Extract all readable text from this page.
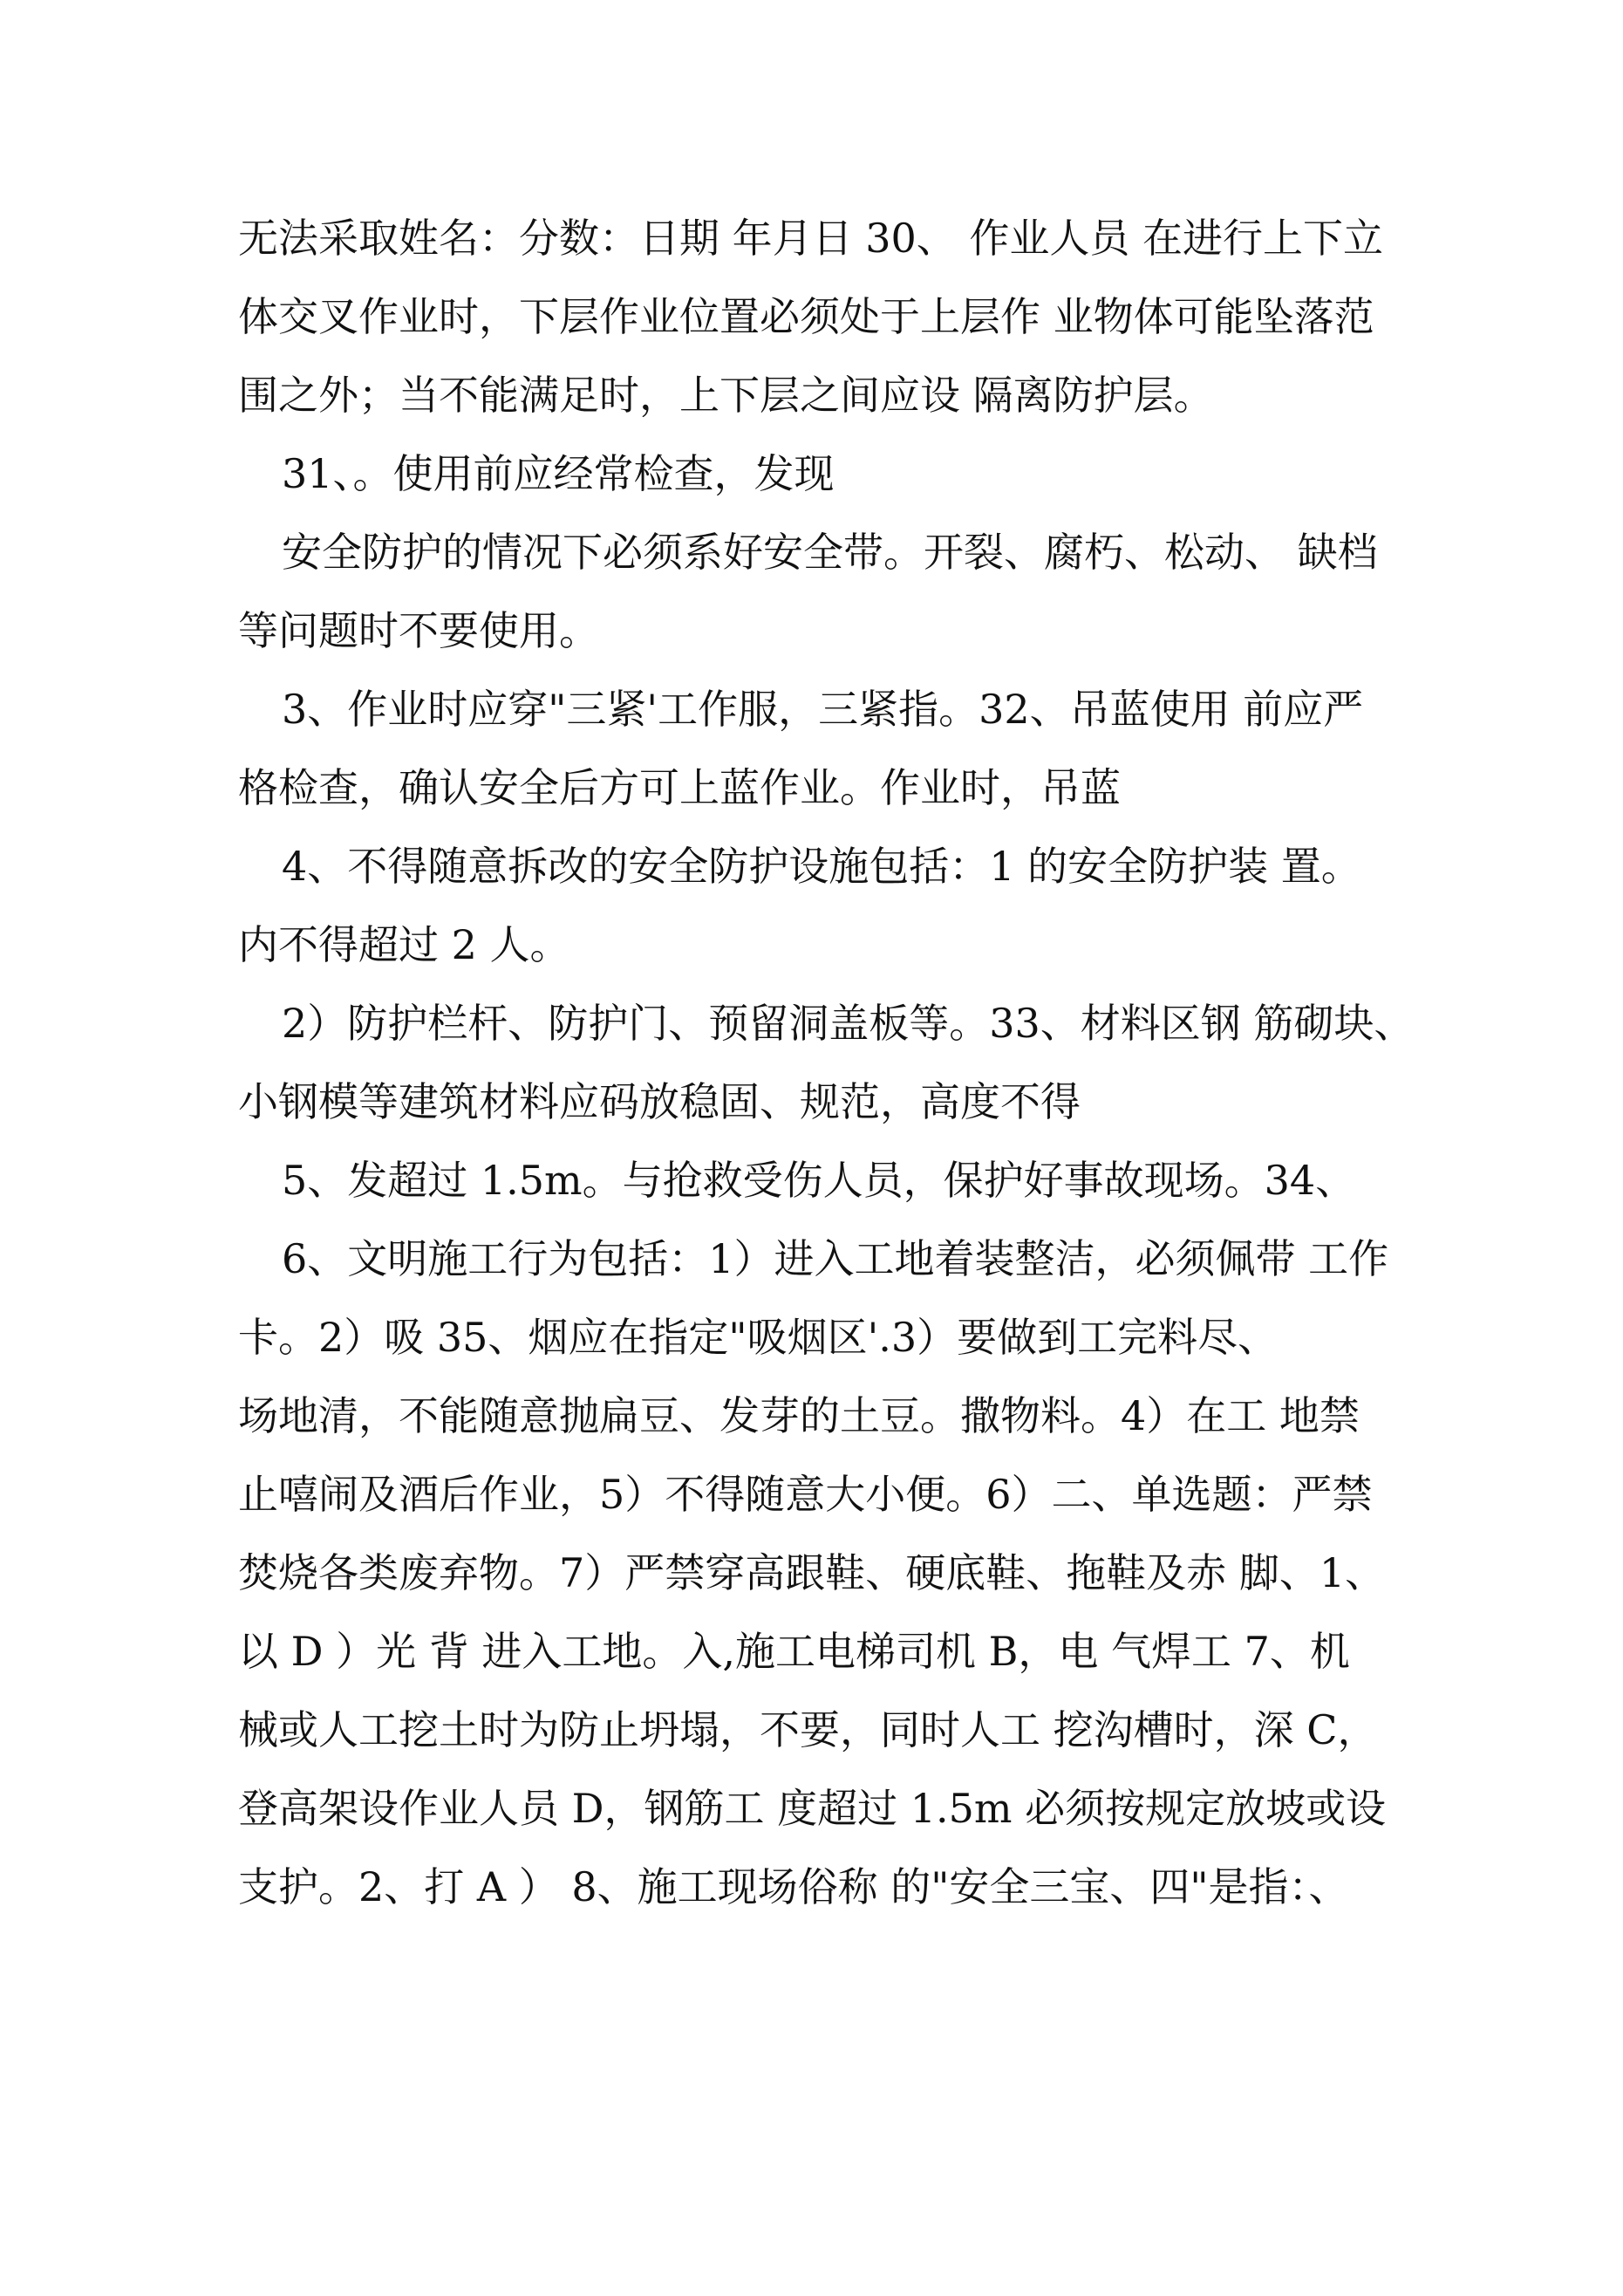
无法采取姓名：分数：日期 年月日 30、 作业人员 在进行上下立
体交叉作业时，下层作业位置必须处于上层作 业物体可能坠落范
围之外；当不能满足时，上下层之间应设 隔离防护层。
31、。使用前应经常检查，发现
安全防护的情况下必须系好安全带。开裂、腐朽、松动、 缺档
等问题时不要使用。
3、作业时应穿"三紧'工作服，三紧指。32、吊蓝使用 前应严
格检查，确认安全后方可上蓝作业。作业时，吊蓝
4、不得随意拆改的安全防护设施包括：1 的安全防护装 置。
内不得超过 2 人。
2）防护栏杆、防护门、预留洞盖板等。33、材料区钢 筋砌块、
小钢模等建筑材料应码放稳固、规范，高度不得
5、发超过 1.5m。与抢救受伤人员，保护好事故现场。34、
6、文明施工行为包括：1）进入工地着装整洁，必须佩带 工作
卡。2）吸 35、烟应在指定"吸烟区'.3）要做到工完料尽、
场地清，不能随意抛扁豆、发芽的土豆。撒物料。4）在工 地禁
止嘻闹及酒后作业，5）不得随意大小便。6）二、单选题：严禁
焚烧各类废弃物。7）严禁穿高跟鞋、硬底鞋、拖鞋及赤 脚、1、
以 D ）光 背 进入工地。入,施工电梯司机 B，电 气焊工 7、机
械或人工挖土时为防止坍塌，不要，同时人工 挖沟槽时，深 C，
登高架设作业人员 D，钢筋工 度超过 1.5m 必须按规定放坡或设
支护。2、打 A ） 8、施工现场俗称 的"安全三宝、四"是指：、
